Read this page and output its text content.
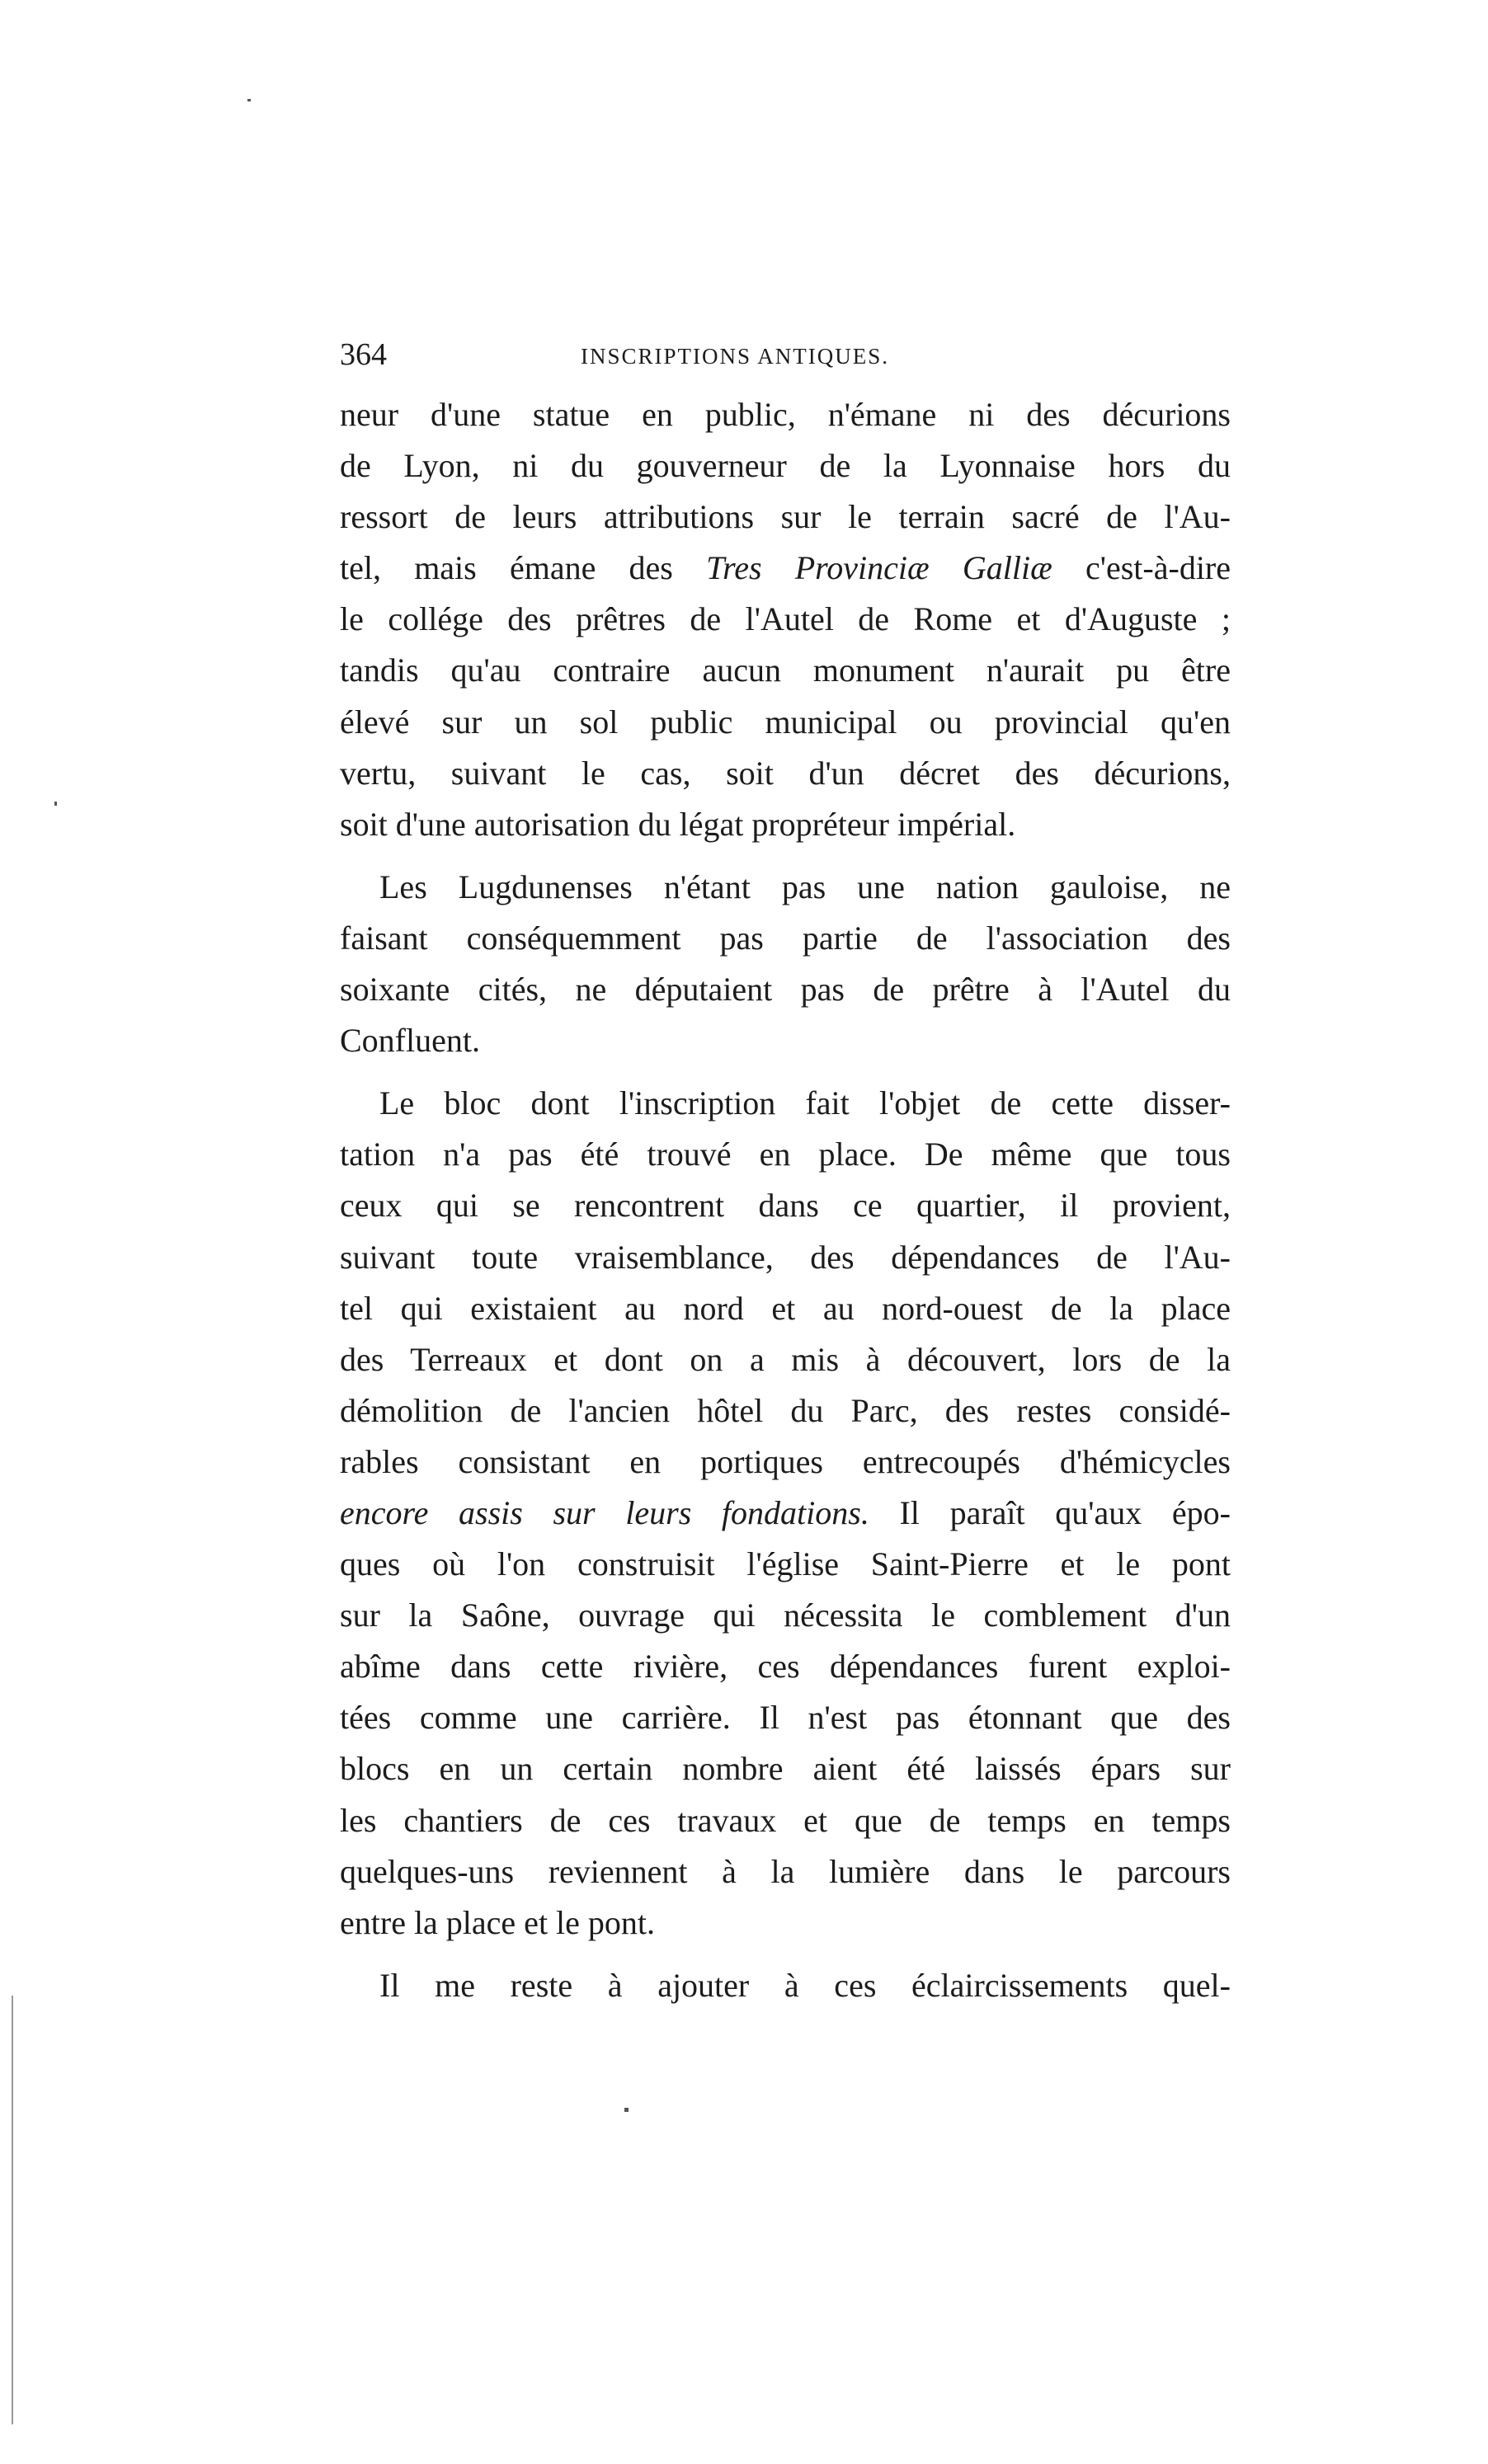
364	INSCRIPTIONS ANTIQUES.
neur d'une statue en public, n'émane ni des décurions
de Lyon, ni du gouverneur de la Lyonnaise hors du
ressort de leurs attributions sur le terrain sacré de l'Au-
tel, mais émane des Tres Provinciæ Galliæ c'est-à-dire
le collége des prêtres de l'Autel de Rome et d'Auguste ;
tandis qu'au contraire aucun monument n'aurait pu être
élevé sur un sol public municipal ou provincial qu'en
vertu, suivant le cas, soit d'un décret des décurions,
soit d'une autorisation du légat propréteur impérial.
Les Lugdunenses n'étant pas une nation gauloise, ne
faisant conséquemment pas partie de l'association des
soixante cités, ne députaient pas de prêtre à l'Autel du
Confluent.
Le bloc dont l'inscription fait l'objet de cette disser-
tation n'a pas été trouvé en place. De même que tous
ceux qui se rencontrent dans ce quartier, il provient,
suivant toute vraisemblance, des dépendances de l'Au-
tel qui existaient au nord et au nord-ouest de la place
des Terreaux et dont on a mis à découvert, lors de la
démolition de l'ancien hôtel du Parc, des restes considé-
rables consistant en portiques entrecoupés d'hémicycles
encore assis sur leurs fondations. Il paraît qu'aux épo-
ques où l'on construisit l'église Saint-Pierre et le pont
sur la Saône, ouvrage qui nécessita le comblement d'un
abîme dans cette rivière, ces dépendances furent exploi-
tées comme une carrière. Il n'est pas étonnant que des
blocs en un certain nombre aient été laissés épars sur
les chantiers de ces travaux et que de temps en temps
quelques-uns reviennent à la lumière dans le parcours
entre la place et le pont.
Il me reste à ajouter à ces éclaircissements quel-
